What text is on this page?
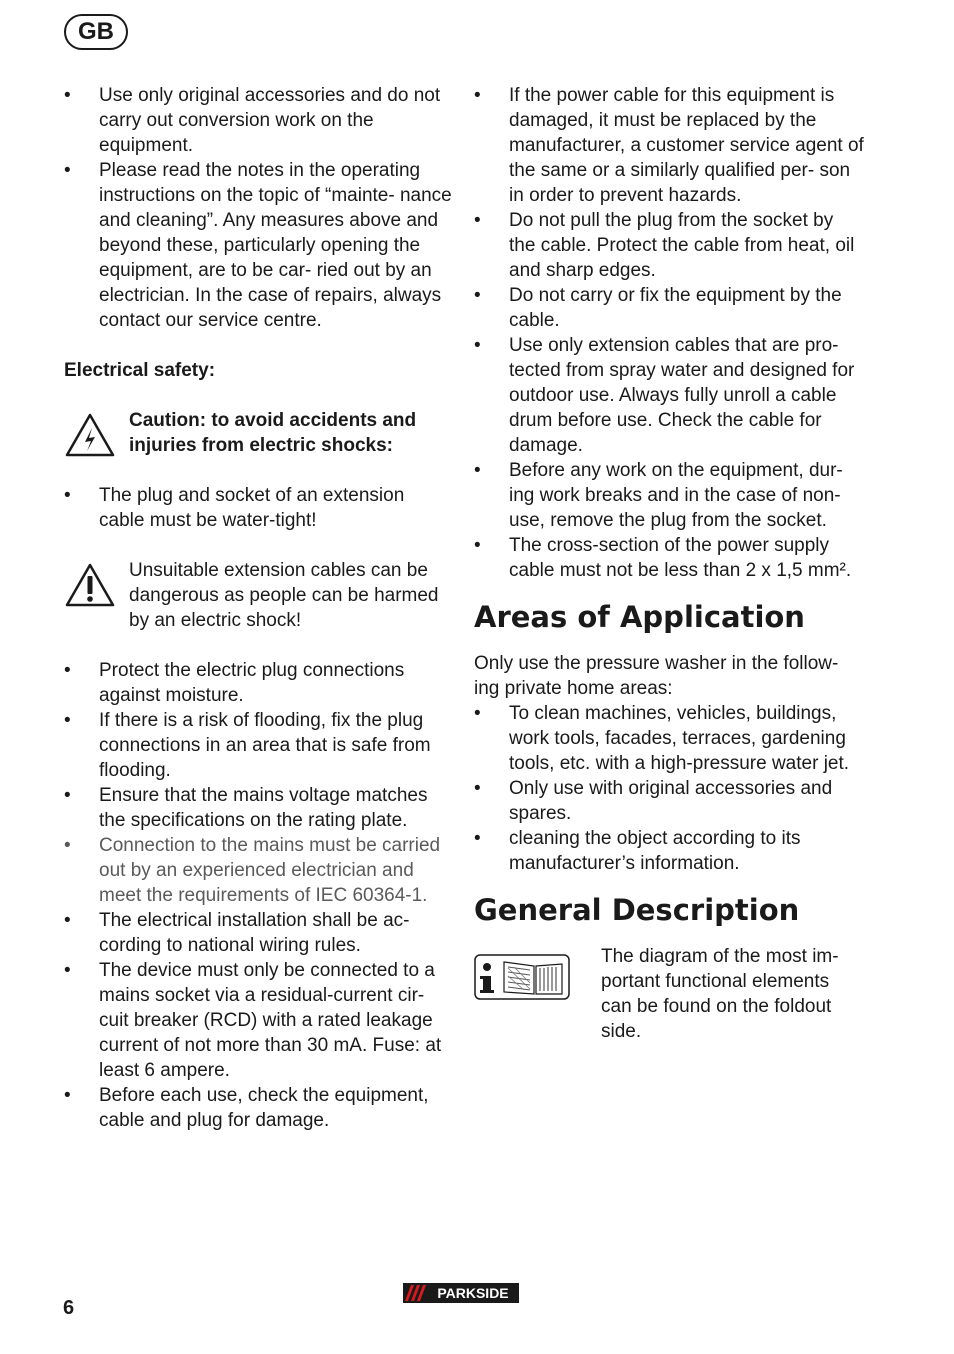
GB
• Use only original accessories and do not carry out conversion work on the equipment.
• Please read the notes in the operating instructions on the topic of “mainte- nance and cleaning”. Any measures above and beyond these, particularly opening the equipment, are to be car- ried out by an electrician. In the case of repairs, always contact our service centre.
Electrical safety:
Caution: to avoid accidents and injuries from electric shocks:
• The plug and socket of an extension cable must be water-tight!
Unsuitable extension cables can be dangerous as people can be harmed by an electric shock!
• Protect the electric plug connections against moisture.
• If there is a risk of flooding, fix the plug connections in an area that is safe from flooding.
• Ensure that the mains voltage matches the specifications on the rating plate.
• Connection to the mains must be carried out by an experienced electrician and meet the requirements of IEC 60364-1.
• The electrical installation shall be ac- cording to national wiring rules.
• The device must only be connected to a mains socket via a residual-current cir- cuit breaker (RCD) with a rated leakage current of not more than 30 mA. Fuse: at least 6 ampere.
• Before each use, check the equipment, cable and plug for damage.
• If the power cable for this equipment is damaged, it must be replaced by the manufacturer, a customer service agent of the same or a similarly qualified per- son in order to prevent hazards.
• Do not pull the plug from the socket by the cable. Protect the cable from heat, oil and sharp edges.
• Do not carry or fix the equipment by the cable.
• Use only extension cables that are pro- tected from spray water and designed for outdoor use. Always fully unroll a cable drum before use. Check the cable for damage.
• Before any work on the equipment, dur- ing work breaks and in the case of non- use, remove the plug from the socket.
• The cross-section of the power supply cable must not be less than 2 x 1,5 mm².
Areas of Application
Only use the pressure washer in the follow- ing private home areas:
• To clean machines, vehicles, buildings, work tools, facades, terraces, gardening tools, etc. with a high-pressure water jet.
• Only use with original accessories and spares.
• cleaning the object according to its manufacturer’s information.
General Description
The diagram of the most im- portant functional elements can be found on the foldout side.
6
PARKSIDE
